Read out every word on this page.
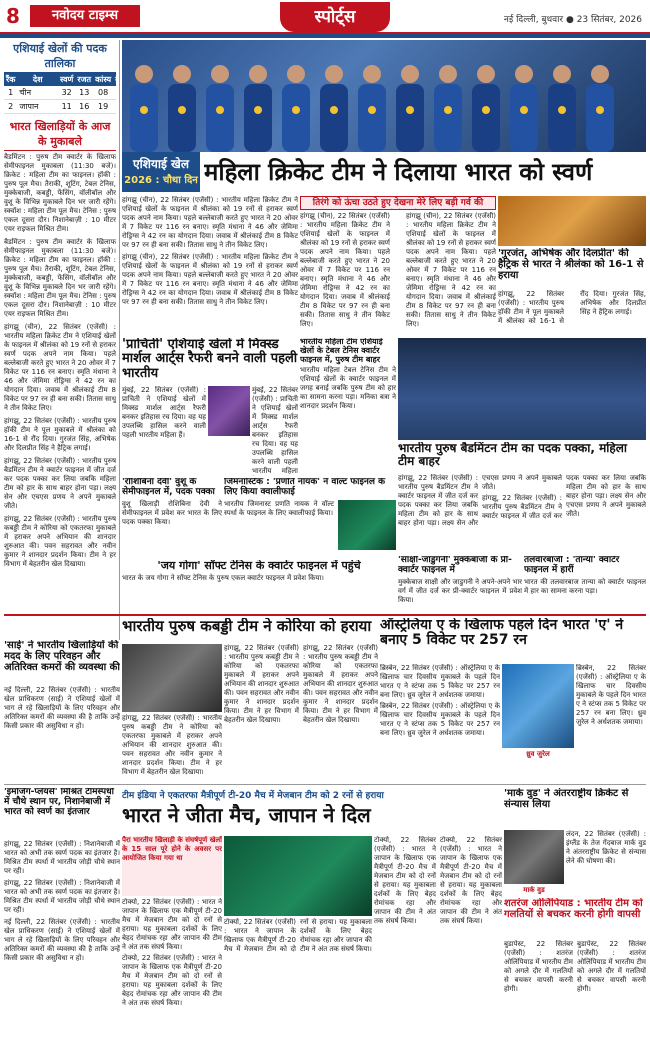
8	नवोदय टाइम्स	स्पोर्ट्स	नई दिल्ली, बुधवार ● 23 सितंबर, 2026
एशियाई खेलों की पदक तालिका
रैंक	देश	स्वर्ण	रजत	कांस्य	
1	चीन	32	13	08	
2	जापान	11	16	19	

भारत खिलाड़ियों के आज के मुकाबले
बैडमिंटन : पुरुष टीम क्वार्टर के खिलाफ सेमीफाइनल मुकाबला (11:30 बजे)। क्रिकेट : महिला टीम का फाइनल। हॉकी : पुरुष पूल मैच। तैराकी, शूटिंग, टेबल टेनिस, मुक्केबाजी, कबड्डी, फेंसिंग, वॉलीबॉल और वुशू के विभिन्न मुकाबले दिन भर जारी रहेंगे। स्क्वॉश : महिला टीम पूल मैच। टेनिस : पुरुष एकल दूसरा दौर। निशानेबाज़ी : 10 मीटर एयर राइफल मिश्रित टीम।
बैडमिंटन : पुरुष टीम क्वार्टर के खिलाफ सेमीफाइनल मुकाबला (11:30 बजे)। क्रिकेट : महिला टीम का फाइनल। हॉकी : पुरुष पूल मैच। तैराकी, शूटिंग, टेबल टेनिस, मुक्केबाजी, कबड्डी, फेंसिंग, वॉलीबॉल और वुशू के विभिन्न मुकाबले दिन भर जारी रहेंगे। स्क्वॉश : महिला टीम पूल मैच। टेनिस : पुरुष एकल दूसरा दौर। निशानेबाज़ी : 10 मीटर एयर राइफल मिश्रित टीम।
हांगझू (चीन), 22 सितंबर (एजेंसी) : भारतीय महिला क्रिकेट टीम ने एशियाई खेलों के फाइनल में श्रीलंका को 19 रनों से हराकर स्वर्ण पदक अपने नाम किया। पहले बल्लेबाजी करते हुए भारत ने 20 ओवर में 7 विकेट पर 116 रन बनाए। स्मृति मंधाना ने 46 और जेमिमा रोड्रिग्स ने 42 रन का योगदान दिया। जवाब में श्रीलंकाई टीम 8 विकेट पर 97 रन ही बना सकी। तितास साधु ने तीन विकेट लिए।
हांगझू, 22 सितंबर (एजेंसी) : भारतीय पुरुष हॉकी टीम ने पूल मुकाबले में श्रीलंका को 16-1 से रौंद दिया। गुरजंत सिंह, अभिषेक और दिलप्रीत सिंह ने हैट्रिक लगाई।
हांगझू, 22 सितंबर (एजेंसी) : भारतीय पुरुष बैडमिंटन टीम ने क्वार्टर फाइनल में जीत दर्ज कर पदक पक्का कर लिया जबकि महिला टीम को हार के साथ बाहर होना पड़ा। लक्ष्य सेन और एचएस प्रणय ने अपने मुकाबले जीते।
हांगझू, 22 सितंबर (एजेंसी) : भारतीय पुरुष कबड्डी टीम ने कोरिया को एकतरफा मुकाबले में हराकर अपने अभियान की शानदार शुरुआत की। पवन सहरावत और नवीन कुमार ने शानदार प्रदर्शन किया। टीम ने हर विभाग में बेहतरीन खेल दिखाया।
एशियाई खेल
2026 : चौथा दिन महिला क्रिकेट टीम ने दिलाया भारत को स्वर्ण
हांगझू (चीन), 22 सितंबर (एजेंसी) : भारतीय महिला क्रिकेट टीम ने एशियाई खेलों के फाइनल में श्रीलंका को 19 रनों से हराकर स्वर्ण पदक अपने नाम किया। पहले बल्लेबाजी करते हुए भारत ने 20 ओवर में 7 विकेट पर 116 रन बनाए। स्मृति मंधाना ने 46 और जेमिमा रोड्रिग्स ने 42 रन का योगदान दिया। जवाब में श्रीलंकाई टीम 8 विकेट पर 97 रन ही बना सकी। तितास साधु ने तीन विकेट लिए।
हांगझू (चीन), 22 सितंबर (एजेंसी) : भारतीय महिला क्रिकेट टीम ने एशियाई खेलों के फाइनल में श्रीलंका को 19 रनों से हराकर स्वर्ण पदक अपने नाम किया। पहले बल्लेबाजी करते हुए भारत ने 20 ओवर में 7 विकेट पर 116 रन बनाए। स्मृति मंधाना ने 46 और जेमिमा रोड्रिग्स ने 42 रन का योगदान दिया। जवाब में श्रीलंकाई टीम 8 विकेट पर 97 रन ही बना सकी। तितास साधु ने तीन विकेट लिए।
तिरंगे को ऊंचा उठते हुए देखना मेरे लिए बड़ी गर्व की
हांगझू (चीन), 22 सितंबर (एजेंसी) : भारतीय महिला क्रिकेट टीम ने एशियाई खेलों के फाइनल में श्रीलंका को 19 रनों से हराकर स्वर्ण पदक अपने नाम किया। पहले बल्लेबाजी करते हुए भारत ने 20 ओवर में 7 विकेट पर 116 रन बनाए। स्मृति मंधाना ने 46 और जेमिमा रोड्रिग्स ने 42 रन का योगदान दिया। जवाब में श्रीलंकाई टीम 8 विकेट पर 97 रन ही बना सकी। तितास साधु ने तीन विकेट लिए।
हांगझू (चीन), 22 सितंबर (एजेंसी) : भारतीय महिला क्रिकेट टीम ने एशियाई खेलों के फाइनल में श्रीलंका को 19 रनों से हराकर स्वर्ण पदक अपने नाम किया। पहले बल्लेबाजी करते हुए भारत ने 20 ओवर में 7 विकेट पर 116 रन बनाए। स्मृति मंधाना ने 46 और जेमिमा रोड्रिग्स ने 42 रन का योगदान दिया। जवाब में श्रीलंकाई टीम 8 विकेट पर 97 रन ही बना सकी। तितास साधु ने तीन विकेट लिए।
'गुरजंत, अभिषेक और दिलप्रीत' की हैट्रिक से भारत ने श्रीलंका को 16-1 से हराया
हांगझू, 22 सितंबर (एजेंसी) : भारतीय पुरुष हॉकी टीम ने पूल मुकाबले में श्रीलंका को 16-1 से रौंद दिया। गुरजंत सिंह, अभिषेक और दिलप्रीत सिंह ने हैट्रिक लगाई।
'प्राचिती' एशियाई खेलों में मिक्स्ड मार्शल आर्ट्स रैफरी बनने वाली पहली भारतीय
मुंबई, 22 सितंबर (एजेंसी) : प्राचिती ने एशियाई खेलों में मिक्स्ड मार्शल आर्ट्स रैफरी बनकर इतिहास रच दिया। वह यह उपलब्धि हासिल करने वाली पहली भारतीय महिला हैं।
मुंबई, 22 सितंबर (एजेंसी) : प्राचिती ने एशियाई खेलों में मिक्स्ड मार्शल आर्ट्स रैफरी बनकर इतिहास रच दिया। वह यह उपलब्धि हासिल करने वाली पहली भारतीय महिला
भारतीय महिला टीम एशियाई खेलों के टेबल टेनिस क्वार्टर फाइनल में, पुरुष टीम बाहर
भारतीय महिला टेबल टेनिस टीम ने एशियाई खेलों के क्वार्टर फाइनल में जगह बनाई जबकि पुरुष टीम को हार का सामना करना पड़ा। मनिका बत्रा ने शानदार प्रदर्शन किया।
भारतीय पुरुष बैडमिंटन टीम का पदक पक्का, महिला टीम बाहर
हांगझू, 22 सितंबर (एजेंसी) : भारतीय पुरुष बैडमिंटन टीम ने क्वार्टर फाइनल में जीत दर्ज कर पदक पक्का कर लिया जबकि महिला टीम को हार के साथ बाहर होना पड़ा। लक्ष्य सेन और एचएस प्रणय ने अपने मुकाबले जीते।
हांगझू, 22 सितंबर (एजेंसी) : भारतीय पुरुष बैडमिंटन टीम ने क्वार्टर फाइनल में जीत दर्ज कर पदक पक्का कर लिया जबकि महिला टीम को हार के साथ बाहर होना पड़ा। लक्ष्य सेन और एचएस प्रणय ने अपने मुकाबले जीते।
'रोशिबिना देवी' वुशू के सेमीफाइनल में, पदक पक्का
वुशू खिलाड़ी रोशिबिना देवी ने सेमीफाइनल में प्रवेश कर भारत के लिए पदक पक्का किया।
जिमनास्टिक : 'प्रणति नायक' ने वॉल्ट फाइनल के लिए किया क्वालीफाई
भारतीय जिमनास्ट प्रणति नायक ने वॉल्ट स्पर्धा के फाइनल के लिए क्वालीफाई किया।
'जय गोगा' सॉफ्ट टेनिस के क्वार्टर फाइनल में पहुंचे
भारत के जय गोगा ने सॉफ्ट टेनिस के पुरुष एकल क्वार्टर फाइनल में प्रवेश किया।
'साक्षी-जाडुगनी' मुक्केबाजी के प्री-क्वार्टर फाइनल में
मुक्केबाज साक्षी और जाडुगनी ने अपने-अपने भार वर्ग में जीत दर्ज कर प्री-क्वार्टर फाइनल में प्रवेश किया।
तलवारबाजी : 'तान्या' क्वार्टर फाइनल में हारीं
भारत की तलवारबाज तान्या को क्वार्टर फाइनल में हार का सामना करना पड़ा।
भारतीय पुरुष कबड्डी टीम ने कोरिया को हराया
हांगझू, 22 सितंबर (एजेंसी) : भारतीय पुरुष कबड्डी टीम ने कोरिया को एकतरफा मुकाबले में हराकर अपने अभियान की शानदार शुरुआत की। पवन सहरावत और नवीन कुमार ने शानदार प्रदर्शन किया। टीम ने हर विभाग में बेहतरीन खेल दिखाया।
हांगझू, 22 सितंबर (एजेंसी) : भारतीय पुरुष कबड्डी टीम ने कोरिया को एकतरफा मुकाबले में हराकर अपने अभियान की शानदार शुरुआत की। पवन सहरावत और नवीन कुमार ने शानदार प्रदर्शन किया। टीम ने हर विभाग में बेहतरीन खेल दिखाया।
हांगझू, 22 सितंबर (एजेंसी) : भारतीय पुरुष कबड्डी टीम ने कोरिया को एकतरफा मुकाबले में हराकर अपने अभियान की शानदार शुरुआत की। पवन सहरावत और नवीन कुमार ने शानदार प्रदर्शन किया। टीम ने हर विभाग में बेहतरीन खेल दिखाया।
ऑस्ट्रेलिया ए के खिलाफ पहले दिन भारत 'ए' ने बनाए 5 विकेट पर 257 रन
ब्रिस्बेन, 22 सितंबर (एजेंसी) : ऑस्ट्रेलिया ए के खिलाफ चार दिवसीय मुकाबले के पहले दिन भारत ए ने स्टंप्स तक 5 विकेट पर 257 रन बना लिए। ध्रुव जुरेल ने अर्धशतक जमाया।
ब्रिस्बेन, 22 सितंबर (एजेंसी) : ऑस्ट्रेलिया ए के खिलाफ चार दिवसीय मुकाबले के पहले दिन भारत ए ने स्टंप्स तक 5 विकेट पर 257 रन बना लिए। ध्रुव जुरेल ने अर्धशतक जमाया।
ध्रुव जुरेल
ब्रिस्बेन, 22 सितंबर (एजेंसी) : ऑस्ट्रेलिया ए के खिलाफ चार दिवसीय मुकाबले के पहले दिन भारत ए ने स्टंप्स तक 5 विकेट पर 257 रन बना लिए। ध्रुव जुरेल ने अर्धशतक जमाया।
'साई' ने भारतीय खिलाड़ियों की मदद के लिए परिवहन और अतिरिक्त कमरों की व्यवस्था की
नई दिल्ली, 22 सितंबर (एजेंसी) : भारतीय खेल प्राधिकरण (साई) ने एशियाई खेलों में भाग ले रहे खिलाड़ियों के लिए परिवहन और अतिरिक्त कमरों की व्यवस्था की है ताकि उन्हें किसी प्रकार की असुविधा न हो।
'इमर्जिंग-प्लेयर्स' मिश्रित टीमस्पर्धा में चौथे स्थान पर, निशानेबाजी में भारत को स्वर्ण का इंतजार
हांगझू, 22 सितंबर (एजेंसी) : निशानेबाजी में भारत को अभी तक स्वर्ण पदक का इंतजार है। मिश्रित टीम स्पर्धा में भारतीय जोड़ी चौथे स्थान पर रही।
हांगझू, 22 सितंबर (एजेंसी) : निशानेबाजी में भारत को अभी तक स्वर्ण पदक का इंतजार है। मिश्रित टीम स्पर्धा में भारतीय जोड़ी चौथे स्थान पर रही।
नई दिल्ली, 22 सितंबर (एजेंसी) : भारतीय खेल प्राधिकरण (साई) ने एशियाई खेलों में भाग ले रहे खिलाड़ियों के लिए परिवहन और अतिरिक्त कमरों की व्यवस्था की है ताकि उन्हें किसी प्रकार की असुविधा न हो।
टीम इंडिया ने एकतरफा मैत्रीपूर्ण टी-20 मैच में मेजबान टीम को 2 रनों से हराया
भारत ने जीता मैच, जापान ने दिल
पैरा भारतीय खिलाड़ी के संघर्षपूर्ण खेलों के 15 साल पूरे होने के अवसर पर आयोजित किया गया था
टोक्यो, 22 सितंबर (एजेंसी) : भारत ने जापान के खिलाफ एक मैत्रीपूर्ण टी-20 मैच में मेजबान टीम को दो रनों से हराया। यह मुकाबला दर्शकों के लिए बेहद रोमांचक रहा और जापान की टीम ने अंत तक संघर्ष किया।
टोक्यो, 22 सितंबर (एजेंसी) : भारत ने जापान के खिलाफ एक मैत्रीपूर्ण टी-20 मैच में मेजबान टीम को दो रनों से हराया। यह मुकाबला दर्शकों के लिए बेहद रोमांचक रहा और जापान की टीम ने अंत तक संघर्ष किया।
टोक्यो, 22 सितंबर (एजेंसी) : भारत ने जापान के खिलाफ एक मैत्रीपूर्ण टी-20 मैच में मेजबान टीम को दो रनों से हराया। यह मुकाबला दर्शकों के लिए बेहद रोमांचक रहा और जापान की टीम ने अंत तक संघर्ष किया।
टोक्यो, 22 सितंबर (एजेंसी) : भारत ने जापान के खिलाफ एक मैत्रीपूर्ण टी-20 मैच में मेजबान टीम को दो रनों से हराया। यह मुकाबला दर्शकों के लिए बेहद रोमांचक रहा और जापान की टीम ने अंत तक संघर्ष किया।
टोक्यो, 22 सितंबर (एजेंसी) : भारत ने जापान के खिलाफ एक मैत्रीपूर्ण टी-20 मैच में मेजबान टीम को दो रनों से हराया। यह मुकाबला दर्शकों के लिए बेहद रोमांचक रहा और जापान की टीम ने अंत तक संघर्ष किया।
'मार्क वुड' ने अंतरराष्ट्रीय क्रिकेट से संन्यास लिया
मार्क वुड
लंदन, 22 सितंबर (एजेंसी) : इंग्लैंड के तेज गेंदबाज मार्क वुड ने अंतरराष्ट्रीय क्रिकेट से संन्यास लेने की घोषणा की।
शतरंज ओलिंपियाड : भारतीय टीम को गलतियों से बचकर करनी होगी वापसी
बुडापेस्ट, 22 सितंबर (एजेंसी) : शतरंज ओलिंपियाड में भारतीय टीम को अगले दौर में गलतियों से बचकर वापसी करनी होगी।
बुडापेस्ट, 22 सितंबर (एजेंसी) : शतरंज ओलिंपियाड में भारतीय टीम को अगले दौर में गलतियों से बचकर वापसी करनी होगी।
